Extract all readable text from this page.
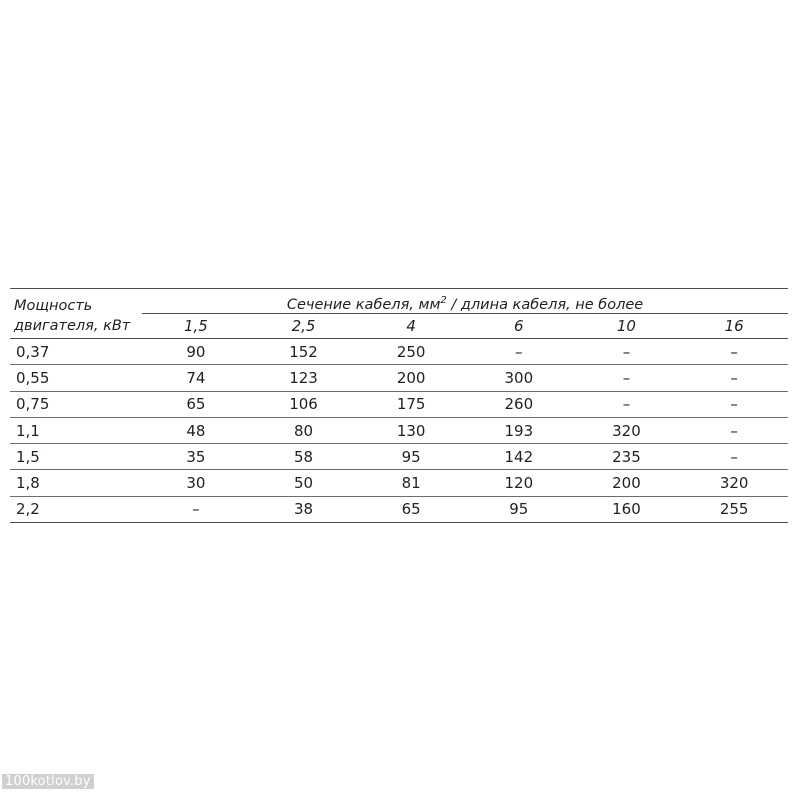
Мощность двигателя, кВт	Сечение кабеля, $мм^2$ / длина кабеля, не более					
	1,5	2,5	4	6	10	16
0,37	90	152	250	–	–	–
0,55	74	123	200	300	–	–
0,75	65	106	175	260	–	–
1,1	48	80	130	193	320	–
1,5	35	58	95	142	235	–
1,8	30	50	81	120	200	320
2,2	–	38	65	95	160	255
100kotlov.by
